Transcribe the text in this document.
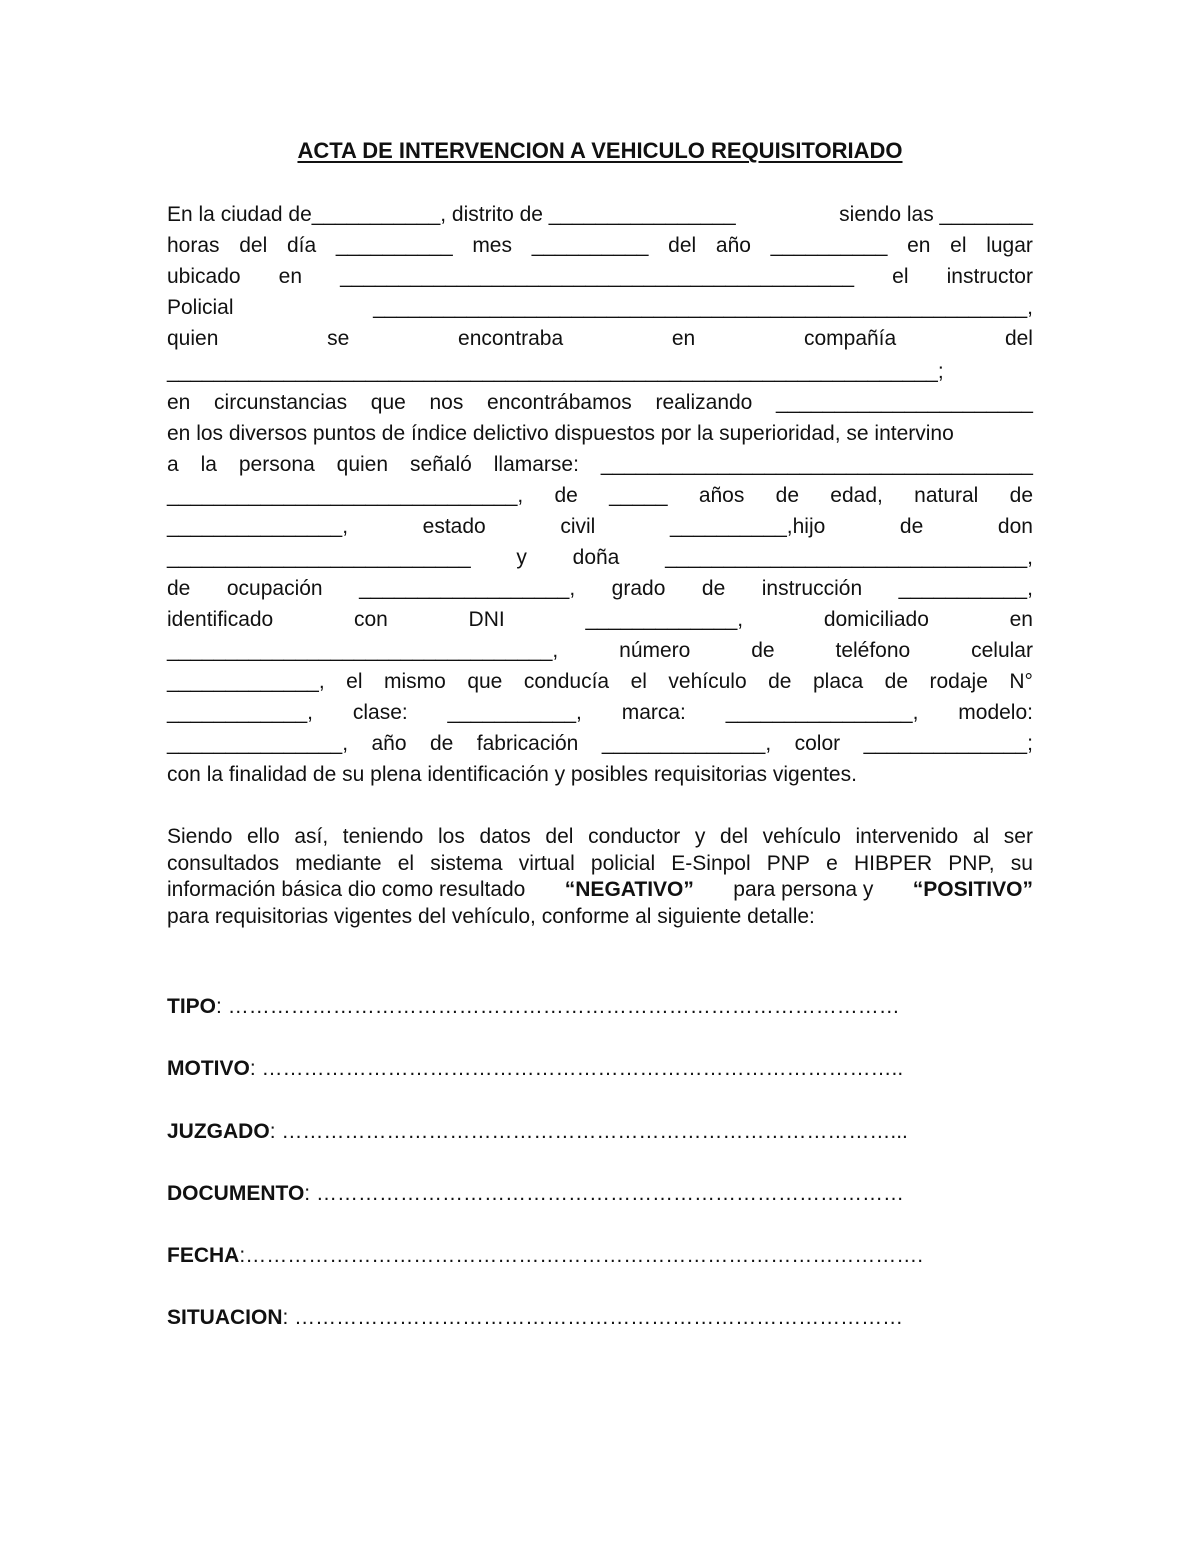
ACTA DE INTERVENCION A VEHICULO REQUISITORIADO
En la ciudad de___________, distrito de ________________	siendo las ________
horas del día __________ mes __________ del año __________ en el lugar
ubicado en ____________________________________________ el instructor
Policial	________________________________________________________,
quien	se	encontraba	en	compañía	del
__________________________________________________________________;
en circunstancias que nos encontrábamos realizando ______________________
en los diversos puntos de índice delictivo dispuestos por la superioridad, se intervino
a la persona quien señaló llamarse: _____________________________________
______________________________, de _____ años de edad, natural de
_______________,	estado	civil	__________,hijo	de	don
__________________________ y doña _______________________________,
de ocupación __________________, grado de instrucción ___________,
identificado	con	DNI	_____________,	domiciliado	en
_________________________________,	número	de	teléfono	celular
_____________, el mismo que conducía el vehículo de placa de rodaje N°
____________, clase: ___________, marca: ________________, modelo:
_______________, año de fabricación ______________, color ______________;
con la finalidad de su plena identificación y posibles requisitorias vigentes.
Siendo ello así, teniendo los datos del conductor y del vehículo intervenido al ser
consultados mediante el sistema virtual policial E-Sinpol PNP e HIBPER PNP, su
información básica dio como resultado “NEGATIVO” para persona y “POSITIVO”
para requisitorias vigentes del vehículo, conforme al siguiente detalle:
TIPO: ……………………………………………………………………………………
MOTIVO: ………………………………………………………………………………..
JUZGADO: ……………………………………………………………………………...
DOCUMENTO: …………………………………………………………………………
FECHA:…………………………………………………………………………………….
SITUACION: ……………………………………………………………………………
